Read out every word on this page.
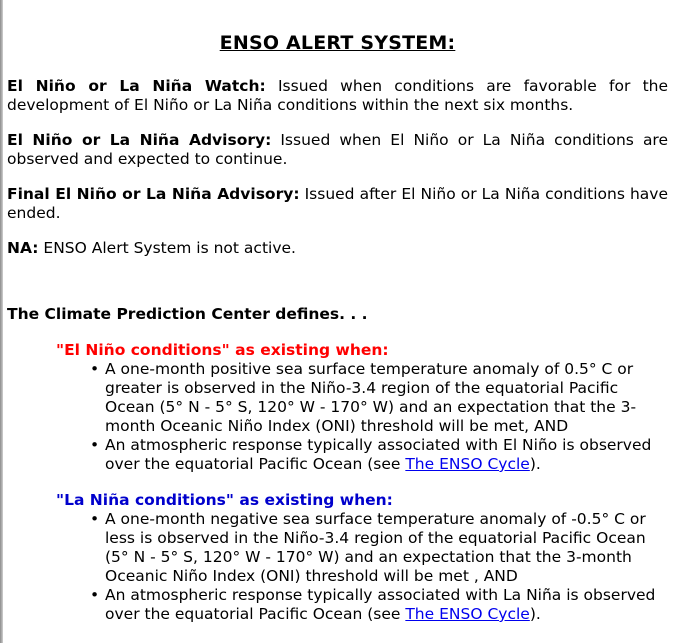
ENSO ALERT SYSTEM:

El Niño or La Niña Watch: Issued when conditions are favorable for the development of El Niño or La Niña conditions within the next six months.

El Niño or La Niña Advisory: Issued when El Niño or La Niña conditions are observed and expected to continue.

Final El Niño or La Niña Advisory: Issued after El Niño or La Niña conditions have ended.

NA: ENSO Alert System is not active.

The Climate Prediction Center defines. . .

"El Niño conditions" as existing when:

• A one-month positive sea surface temperature anomaly of 0.5° C or greater is observed in the Niño-3.4 region of the equatorial Pacific Ocean (5° N - 5° S, 120° W - 170° W) and an expectation that the 3-month Oceanic Niño Index (ONI) threshold will be met, AND
• An atmospheric response typically associated with El Niño is observed over the equatorial Pacific Ocean (see The ENSO Cycle).

"La Niña conditions" as existing when:

• A one-month negative sea surface temperature anomaly of -0.5° C or less is observed in the Niño-3.4 region of the equatorial Pacific Ocean (5° N - 5° S, 120° W - 170° W) and an expectation that the 3-month Oceanic Niño Index (ONI) threshold will be met , AND
• An atmospheric response typically associated with La Niña is observed over the equatorial Pacific Ocean (see The ENSO Cycle).
